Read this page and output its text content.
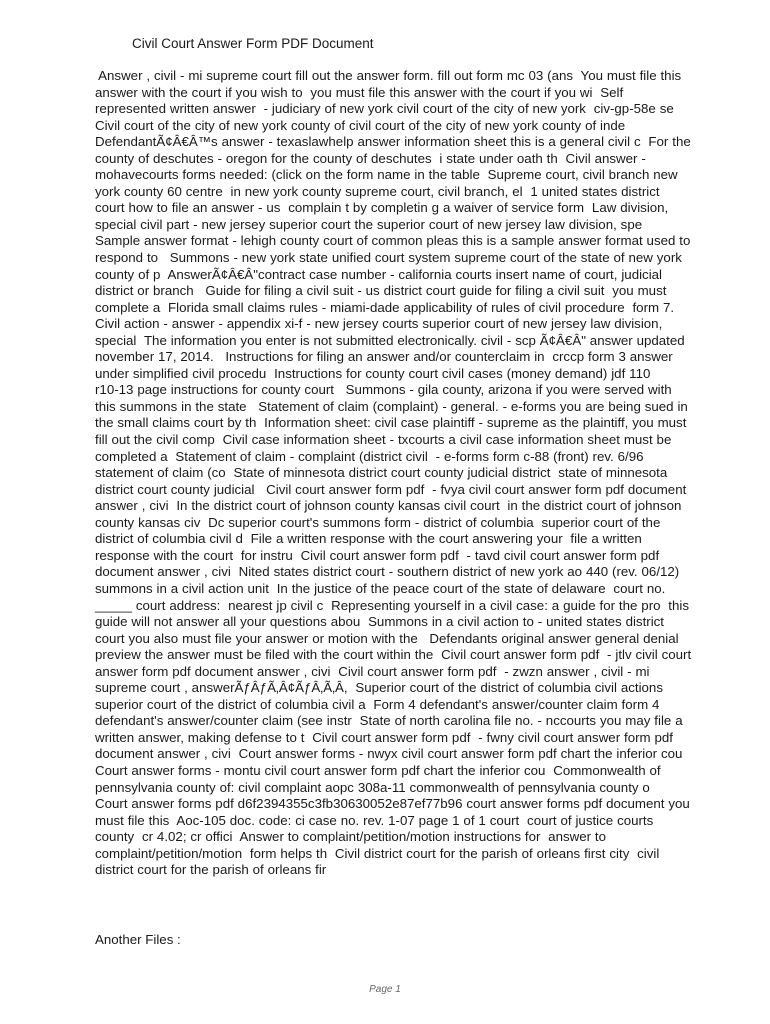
Civil Court Answer Form PDF Document
Answer , civil - mi supreme court fill out the answer form. fill out form mc 03 (ans  You must file this
answer with the court if you wish to  you must file this answer with the court if you wi  Self
represented written answer  - judiciary of new york civil court of the city of new york  civ-gp-58e se
Civil court of the city of new york county of civil court of the city of new york county of inde
DefendantÃ¢Â€Â™s answer - texaslawhelp answer information sheet this is a general civil c  For the
county of deschutes - oregon for the county of deschutes  i state under oath th  Civil answer -
mohavecourts forms needed: (click on the form name in the table  Supreme court, civil branch new
york county 60 centre  in new york county supreme court, civil branch, el  1 united states district
court how to file an answer - us  complain t by completin g a waiver of service form  Law division,
special civil part - new jersey superior court the superior court of new jersey law division, spe
Sample answer format - lehigh county court of common pleas this is a sample answer format used to
respond to   Summons - new york state unified court system supreme court of the state of new york
county of p  AnswerÃ¢Â€Â"contract case number - california courts insert name of court, judicial
district or branch   Guide for filing a civil suit - us district court guide for filing a civil suit  you must
complete a  Florida small claims rules - miami-dade applicability of rules of civil procedure  form 7.
Civil action - answer - appendix xi-f - new jersey courts superior court of new jersey law division,
special  The information you enter is not submitted electronically. civil - scp Ã¢Â€Â" answer updated
november 17, 2014.   Instructions for filing an answer and/or counterclaim in  crccp form 3 answer
under simplified civil procedu  Instructions for county court civil cases (money demand) jdf 110
r10-13 page instructions for county court   Summons - gila county, arizona if you were served with
this summons in the state   Statement of claim (complaint) - general. - e-forms you are being sued in
the small claims court by th  Information sheet: civil case plaintiff - supreme as the plaintiff, you must
fill out the civil comp  Civil case information sheet - txcourts a civil case information sheet must be
completed a  Statement of claim - complaint (district civil  - e-forms form c-88 (front) rev. 6/96
statement of claim (co  State of minnesota district court county judicial district  state of minnesota
district court county judicial   Civil court answer form pdf  - fvya civil court answer form pdf document
answer , civi  In the district court of johnson county kansas civil court  in the district court of johnson
county kansas civ  Dc superior court's summons form - district of columbia  superior court of the
district of columbia civil d  File a written response with the court answering your  file a written
response with the court  for instru  Civil court answer form pdf  - tavd civil court answer form pdf
document answer , civi  Nited states district court - southern district of new york ao 440 (rev. 06/12)
summons in a civil action unit  In the justice of the peace court of the state of delaware  court no.
_____ court address:  nearest jp civil c  Representing yourself in a civil case: a guide for the pro  this
guide will not answer all your questions abou  Summons in a civil action to - united states district
court you also must file your answer or motion with the   Defendants original answer general denial
preview the answer must be filed with the court within the  Civil court answer form pdf  - jtlv civil court
answer form pdf document answer , civi  Civil court answer form pdf  - zwzn answer , civil - mi
supreme court , answerÃƒÂƒÃ‚Â¢ÃƒÂ‚Ã‚Â,  Superior court of the district of columbia civil actions
superior court of the district of columbia civil a  Form 4 defendant's answer/counter claim form 4
defendant's answer/counter claim (see instr  State of north carolina file no. - nccourts you may file a
written answer, making defense to t  Civil court answer form pdf  - fwny civil court answer form pdf
document answer , civi  Court answer forms - nwyx civil court answer form pdf chart the inferior cou
Court answer forms - montu civil court answer form pdf chart the inferior cou  Commonwealth of
pennsylvania county of: civil complaint aopc 308a-11 commonwealth of pennsylvania county o
Court answer forms pdf d6f2394355c3fb30630052e87ef77b96 court answer forms pdf document you
must file this  Aoc-105 doc. code: ci case no. rev. 1-07 page 1 of 1 court  court of justice courts
county  cr 4.02; cr offici  Answer to complaint/petition/motion instructions for  answer to
complaint/petition/motion  form helps th  Civil district court for the parish of orleans first city  civil
district court for the parish of orleans fir
Another Files :
Page 1
